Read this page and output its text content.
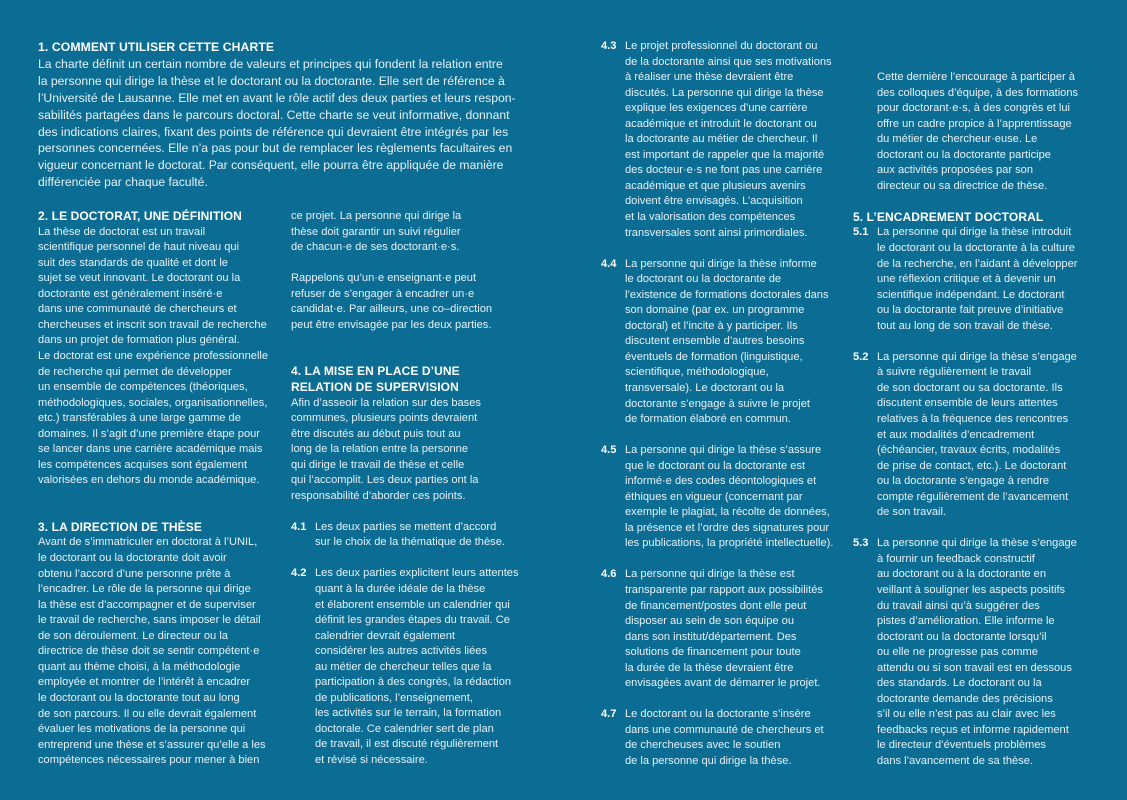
1. COMMENT UTILISER CETTE CHARTE
La charte définit un certain nombre de valeurs et principes qui fondent la relation entre
la personne qui dirige la thèse et le doctorant ou la doctorante. Elle sert de référence à
l’Université de Lausanne. Elle met en avant le rôle actif des deux parties et leurs respon-
sabilités partagées dans le parcours doctoral. Cette charte se veut informative, donnant
des indications claires, fixant des points de référence qui devraient être intégrés par les
personnes concernées. Elle n’a pas pour but de remplacer les règlements facultaires en
vigueur concernant le doctorat. Par conséquent, elle pourra être appliquée de manière
différenciée par chaque faculté.
2. LE DOCTORAT, UNE DÉFINITION
La thèse de doctorat est un travail
scientifique personnel de haut niveau qui
suit des standards de qualité et dont le
sujet se veut innovant. Le doctorant ou la
doctorante est généralement inséré·e
dans une communauté de chercheurs et
chercheuses et inscrit son travail de recherche
dans un projet de formation plus général.
Le doctorat est une expérience professionnelle
de recherche qui permet de développer
un ensemble de compétences (théoriques,
méthodologiques, sociales, organisationnelles,
etc.) transférables à une large gamme de
domaines. Il s’agit d’une première étape pour
se lancer dans une carrière académique mais
les compétences acquises sont également
valorisées en dehors du monde académique.
3. LA DIRECTION DE THÈSE
Avant de s’immatriculer en doctorat à l’UNIL,
le doctorant ou la doctorante doit avoir
obtenu l’accord d’une personne prête à
l’encadrer. Le rôle de la personne qui dirige
la thèse est d’accompagner et de superviser
le travail de recherche, sans imposer le détail
de son déroulement. Le directeur ou la
directrice de thèse doit se sentir compétent·e
quant au thème choisi, à la méthodologie
employée et montrer de l’intérêt à encadrer
le doctorant ou la doctorante tout au long
de son parcours. Il ou elle devrait également
évaluer les motivations de la personne qui
entreprend une thèse et s’assurer qu’elle a les
compétences nécessaires pour mener à bien
ce projet. La personne qui dirige la
thèse doit garantir un suivi régulier
de chacun·e de ses doctorant·e·s.
Rappelons qu’un·e enseignant·e peut
refuser de s’engager à encadrer un·e
candidat·e. Par ailleurs, une co–direction
peut être envisagée par les deux parties.
4. LA MISE EN PLACE D’UNE
RELATION DE SUPERVISION
Afin d’asseoir la relation sur des bases
communes, plusieurs points devraient
être discutés au début puis tout au
long de la relation entre la personne
qui dirige le travail de thèse et celle
qui l’accomplit. Les deux parties ont la
responsabilité d’aborder ces points.
4.1 Les deux parties se mettent d’accord
sur le choix de la thématique de thèse.
4.2 Les deux parties explicitent leurs attentes
quant à la durée idéale de la thèse
et élaborent ensemble un calendrier qui
définit les grandes étapes du travail. Ce
calendrier devrait également
considérer les autres activités liées
au métier de chercheur telles que la
participation à des congrès, la rédaction
de publications, l’enseignement,
les activités sur le terrain, la formation
doctorale. Ce calendrier sert de plan
de travail, il est discuté régulièrement
et révisé si nécessaire.
4.3 Le projet professionnel du doctorant ou
de la doctorante ainsi que ses motivations
à réaliser une thèse devraient être
discutés. La personne qui dirige la thèse
explique les exigences d’une carrière
académique et introduit le doctorant ou
la doctorante au métier de chercheur. Il
est important de rappeler que la majorité
des docteur·e·s ne font pas une carrière
académique et que plusieurs avenirs
doivent être envisagés. L’acquisition
et la valorisation des compétences
transversales sont ainsi primordiales.
4.4 La personne qui dirige la thèse informe
le doctorant ou la doctorante de
l’existence de formations doctorales dans
son domaine (par ex. un programme
doctoral) et l’incite à y participer. Ils
discutent ensemble d’autres besoins
éventuels de formation (linguistique,
scientifique, méthodologique,
transversale). Le doctorant ou la
doctorante s’engage à suivre le projet
de formation élaboré en commun.
4.5 La personne qui dirige la thèse s’assure
que le doctorant ou la doctorante est
informé·e des codes déontologiques et
éthiques en vigueur (concernant par
exemple le plagiat, la récolte de données,
la présence et l’ordre des signatures pour
les publications, la propriété intellectuelle).
4.6 La personne qui dirige la thèse est
transparente par rapport aux possibilités
de financement/postes dont elle peut
disposer au sein de son équipe ou
dans son institut/département. Des
solutions de financement pour toute
la durée de la thèse devraient être
envisagées avant de démarrer le projet.
4.7 Le doctorant ou la doctorante s’insère
dans une communauté de chercheurs et
de chercheuses avec le soutien
de la personne qui dirige la thèse.
Cette dernière l’encourage à participer à
des colloques d’équipe, à des formations
pour doctorant·e·s, à des congrès et lui
offre un cadre propice à l’apprentissage
du métier de chercheur·euse. Le
doctorant ou la doctorante participe
aux activités proposées par son
directeur ou sa directrice de thèse.
5. L’ENCADREMENT DOCTORAL
5.1 La personne qui dirige la thèse introduit
le doctorant ou la doctorante à la culture
de la recherche, en l’aidant à développer
une réflexion critique et à devenir un
scientifique indépendant. Le doctorant
ou la doctorante fait preuve d’initiative
tout au long de son travail de thèse.
5.2 La personne qui dirige la thèse s’engage
à suivre régulièrement le travail
de son doctorant ou sa doctorante. Ils
discutent ensemble de leurs attentes
relatives à la fréquence des rencontres
et aux modalités d’encadrement
(échéancier, travaux écrits, modalités
de prise de contact, etc.). Le doctorant
ou la doctorante s’engage à rendre
compte régulièrement de l’avancement
de son travail.
5.3 La personne qui dirige la thèse s’engage
à fournir un feedback constructif
au doctorant ou à la doctorante en
veillant à souligner les aspects positifs
du travail ainsi qu’à suggérer des
pistes d’amélioration. Elle informe le
doctorant ou la doctorante lorsqu’il
ou elle ne progresse pas comme
attendu ou si son travail est en dessous
des standards. Le doctorant ou la
doctorante demande des précisions
s’il ou elle n’est pas au clair avec les
feedbacks reçus et informe rapidement
le directeur d’éventuels problèmes
dans l’avancement de sa thèse.
